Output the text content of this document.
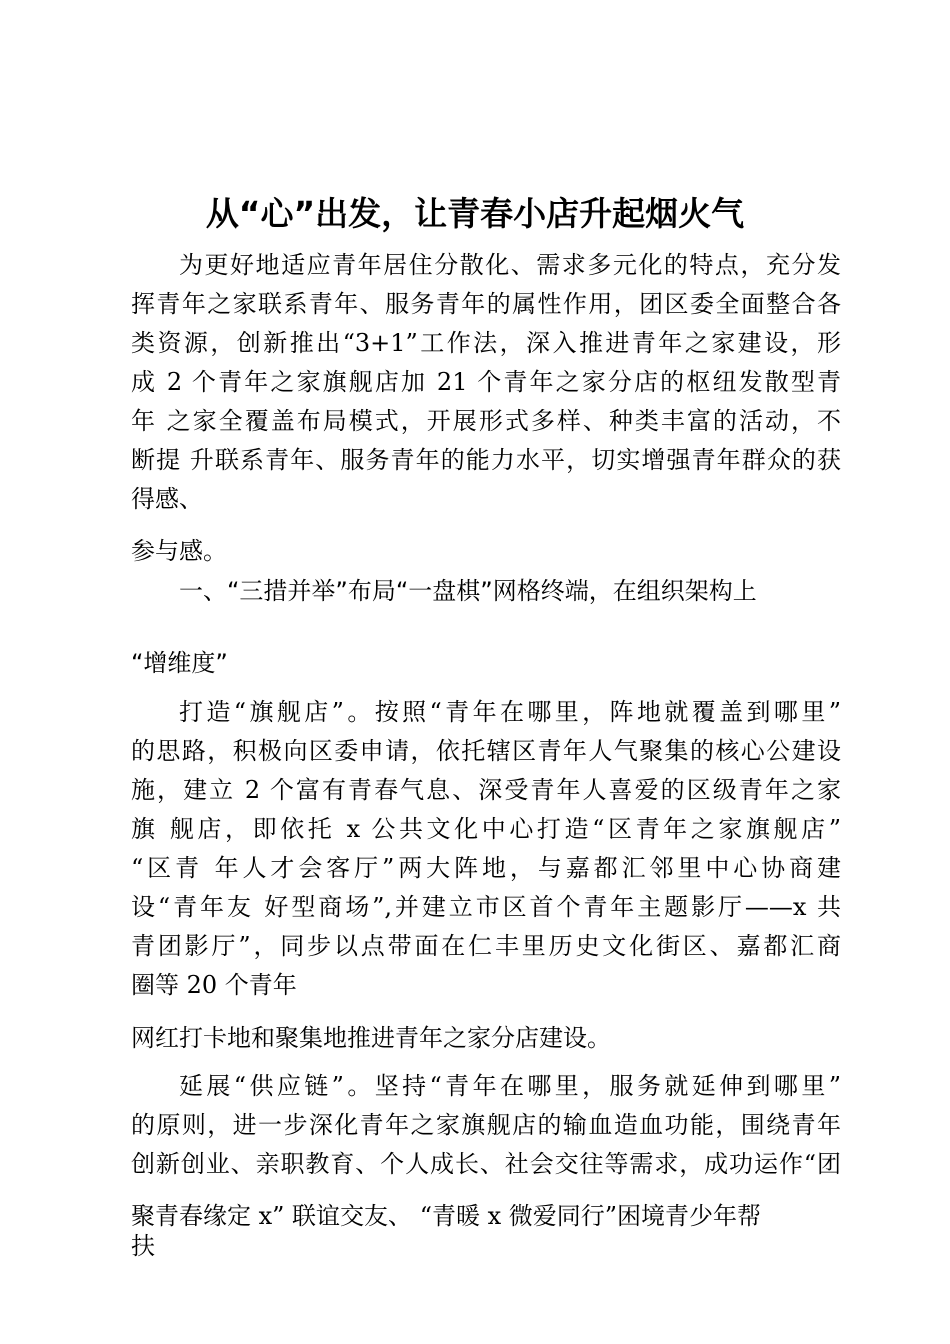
从“心”出发，让青春小店升起烟火气
为更好地适应青年居住分散化、需求多元化的特点，充分发
挥青年之家联系青年、服务青年的属性作用，团区委全面整合各
类资源，创新推出“3+1”工作法，深入推进青年之家建设，形
成 2 个青年之家旗舰店加 21 个青年之家分店的枢纽发散型青
年 之家全覆盖布局模式，开展形式多样、种类丰富的活动，不
断提 升联系青年、服务青年的能力水平，切实增强青年群众的获
得感、
参与感。
一、“三措并举”布局“一盘棋”网格终端，在组织架构上
“增维度”
打造“旗舰店”。按照“青年在哪里，阵地就覆盖到哪里”
的思路，积极向区委申请，依托辖区青年人气聚集的核心公建设
施，建立 2 个富有青春气息、深受青年人喜爱的区级青年之家
旗 舰店，即依托 x 公共文化中心打造“区青年之家旗舰店”
“区青 年人才会客厅”两大阵地，与嘉都汇邻里中心协商建
设“青年友 好型商场”,并建立市区首个青年主题影厅——x 共
青团影厅”，同步以点带面在仁丰里历史文化街区、嘉都汇商
圈等 20 个青年
网红打卡地和聚集地推进青年之家分店建设。
延展“供应链”。坚持“青年在哪里，服务就延伸到哪里”
的原则，进一步深化青年之家旗舰店的输血造血功能，围绕青年
创新创业、亲职教育、个人成长、社会交往等需求，成功运作“团
聚青春缘定 x” 联谊交友、 “青暖 x 微爱同行”困境青少年帮
扶
